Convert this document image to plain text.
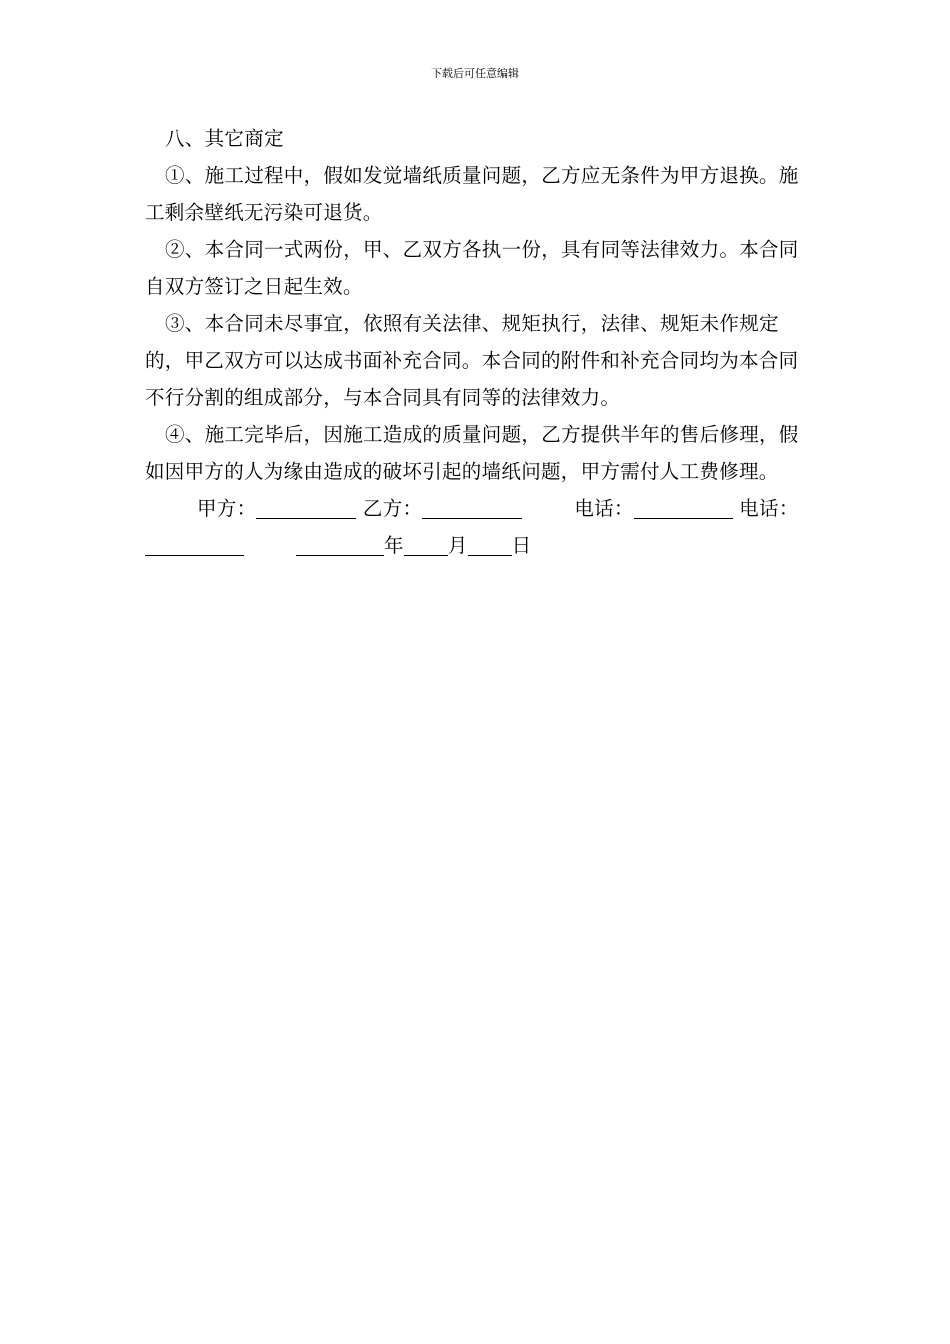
下载后可任意编辑

八、其它商定

①、施工过程中，假如发觉墙纸质量问题，乙方应无条件为甲方退换。施工剩余壁纸无污染可退货。

②、本合同一式两份，甲、乙双方各执一份，具有同等法律效力。本合同自双方签订之日起生效。

③、本合同未尽事宜，依照有关法律、规矩执行，法律、规矩未作规定的，甲乙双方可以达成书面补充合同。本合同的附件和补充合同均为本合同不行分割的组成部分，与本合同具有同等的法律效力。

④、施工完毕后，因施工造成的质量问题，乙方提供半年的售后修理，假如因甲方的人为缘由造成的破坏引起的墙纸问题，甲方需付人工费修理。甲方：	乙方：	电话：	电话：年 月 日
